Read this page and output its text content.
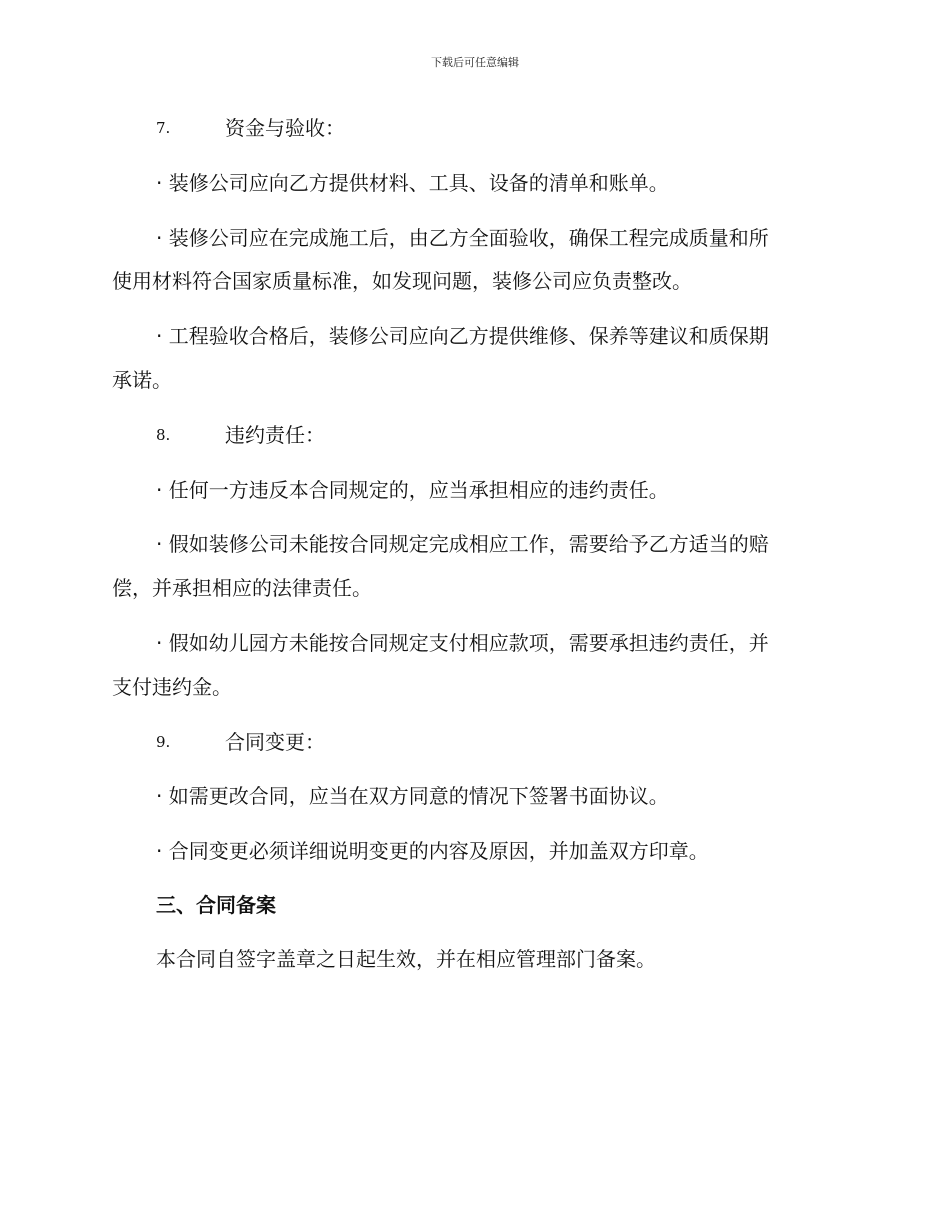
下载后可任意编辑
7.	资金与验收：
· 装修公司应向乙方提供材料、工具、设备的清单和账单。
· 装修公司应在完成施工后，由乙方全面验收，确保工程完成质量和所
使用材料符合国家质量标准，如发现问题，装修公司应负责整改。
· 工程验收合格后，装修公司应向乙方提供维修、保养等建议和质保期
承诺。
8.	违约责任：
· 任何一方违反本合同规定的，应当承担相应的违约责任。
· 假如装修公司未能按合同规定完成相应工作，需要给予乙方适当的赔
偿，并承担相应的法律责任。
· 假如幼儿园方未能按合同规定支付相应款项，需要承担违约责任，并
支付违约金。
9.	合同变更：
· 如需更改合同，应当在双方同意的情况下签署书面协议。
· 合同变更必须详细说明变更的内容及原因，并加盖双方印章。
三、合同备案
本合同自签字盖章之日起生效，并在相应管理部门备案。
